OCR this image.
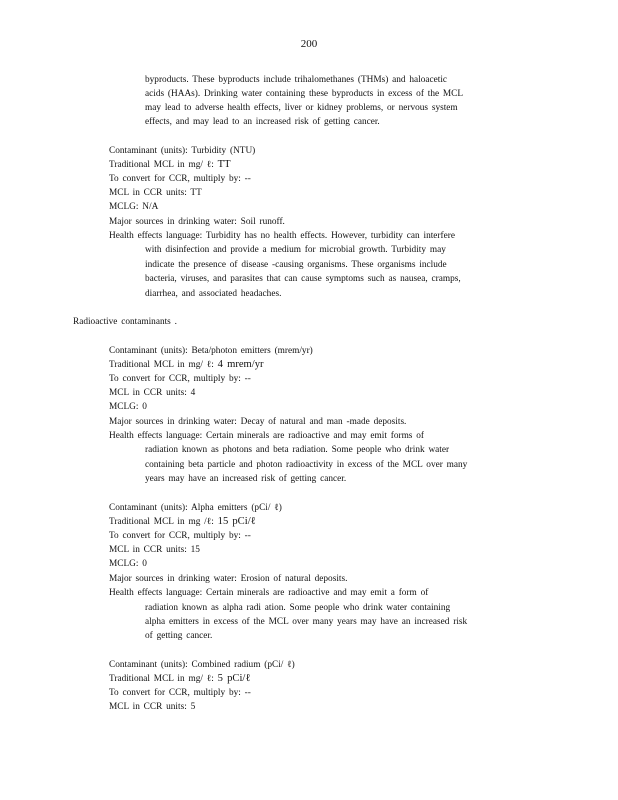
200
byproducts. These byproducts include trihalomethanes (THMs) and haloacetic
acids (HAAs). Drinking water containing these byproducts in excess of the MCL
may lead to adverse health effects, liver or kidney problems, or nervous system
effects, and may lead to an increased risk of getting cancer.
Contaminant (units): Turbidity (NTU)
Traditional MCL in mg/ ℓ: TT
To convert for CCR, multiply by: --
MCL in CCR units: TT
MCLG: N/A
Major sources in drinking water: Soil runoff.
Health effects language: Turbidity has no health effects. However, turbidity can interfere
with disinfection and provide a medium for microbial growth. Turbidity may
indicate the presence of disease -causing organisms. These organisms include
bacteria, viruses, and parasites that can cause symptoms such as nausea, cramps,
diarrhea, and associated headaches.
Radioactive contaminants .
Contaminant (units): Beta/photon emitters (mrem/yr)
Traditional MCL in mg/ ℓ: 4 mrem/yr
To convert for CCR, multiply by: --
MCL in CCR units: 4
MCLG: 0
Major sources in drinking water: Decay of natural and man -made deposits.
Health effects language: Certain minerals are radioactive and may emit forms of
radiation known as photons and beta radiation. Some people who drink water
containing beta particle and photon radioactivity in excess of the MCL over many
years may have an increased risk of getting cancer.
Contaminant (units): Alpha emitters (pCi/ ℓ)
Traditional MCL in mg /ℓ: 15 pCi/ℓ
To convert for CCR, multiply by: --
MCL in CCR units: 15
MCLG: 0
Major sources in drinking water: Erosion of natural deposits.
Health effects language: Certain minerals are radioactive and may emit a form of
radiation known as alpha radi ation. Some people who drink water containing
alpha emitters in excess of the MCL over many years may have an increased risk
of getting cancer.
Contaminant (units): Combined radium (pCi/ ℓ)
Traditional MCL in mg/ ℓ: 5 pCi/ℓ
To convert for CCR, multiply by: --
MCL in CCR units: 5
